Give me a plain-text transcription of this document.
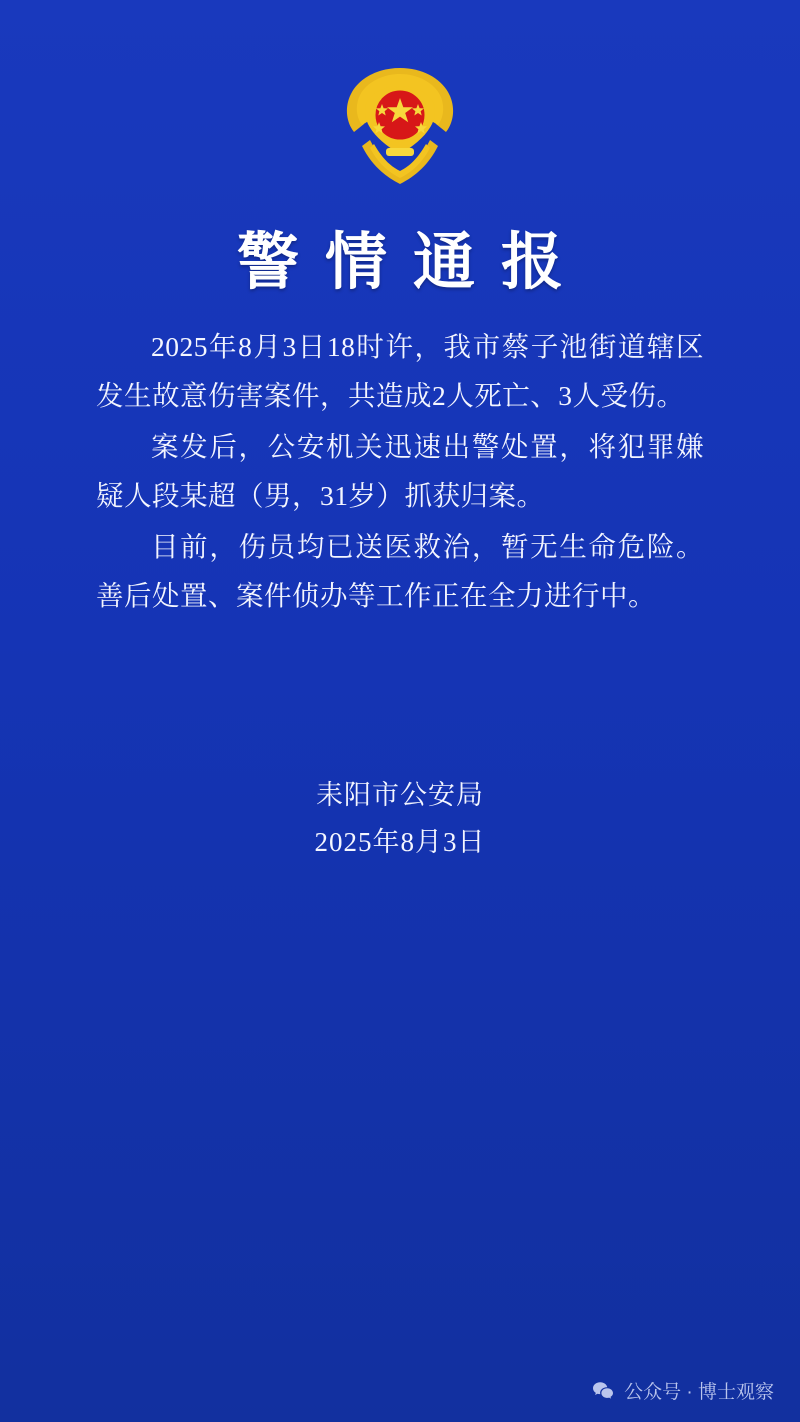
警情通报

2025年8月3日18时许，我市蔡子池街道辖区发生故意伤害案件，共造成2人死亡、3人受伤。

案发后，公安机关迅速出警处置，将犯罪嫌疑人段某超（男，31岁）抓获归案。

目前，伤员均已送医救治，暂无生命危险。善后处置、案件侦办等工作正在全力进行中。

耒阳市公安局
2025年8月3日
公众号 · 博士观察
